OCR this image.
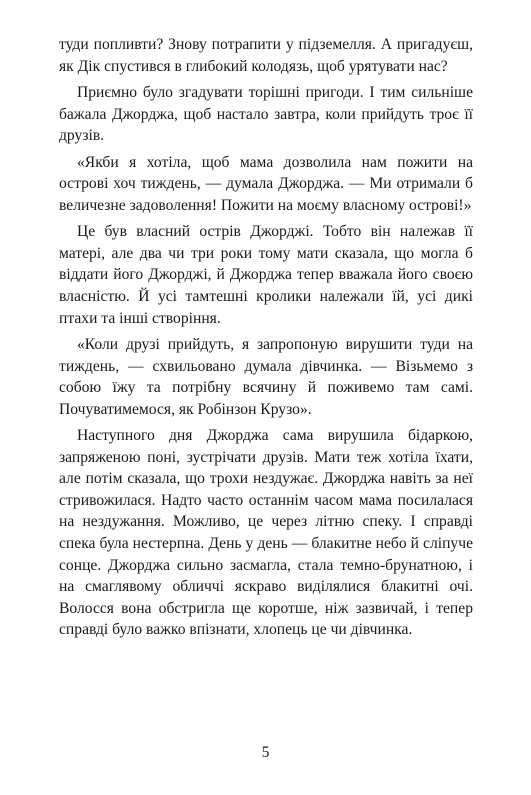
туди попливти? Знову потрапити у підземелля. А пригадуєш, як Дік спустився в глибокий колодязь, щоб урятувати нас?

Приємно було згадувати торішні пригоди. І тим сильніше бажала Джорджа, щоб настало завтра, коли прийдуть троє її друзів.

«Якби я хотіла, щоб мама дозволила нам пожити на острові хоч тиждень, — думала Джорджа. — Ми отримали б величезне задоволення! Пожити на моєму власному острові!»

Це був власний острів Джорджі. Тобто він належав її матері, але два чи три роки тому мати сказала, що могла б віддати його Джорджі, й Джорджа тепер вважала його своєю власністю. Й усі тамтешні кролики належали їй, усі дикі птахи та інші створіння.

«Коли друзі прийдуть, я запропоную вирушити туди на тиждень, — схвильовано думала дівчинка. — Візьмемо з собою їжу та потрібну всячину й поживемо там самі. Почуватимемося, як Робінзон Крузо».

Наступного дня Джорджа сама вирушила бідаркою, запряженою поні, зустрічати друзів. Мати теж хотіла їхати, але потім сказала, що трохи нездужає. Джорджа навіть за неї стривожилася. Надто часто останнім часом мама посилалася на нездужання. Можливо, це через літню спеку. І справді спека була нестерпна. День у день — блакитне небо й сліпуче сонце. Джорджа сильно засмагла, стала темно-брунатною, і на смаглявому обличчі яскраво виділялися блакитні очі. Волосся вона обстригла ще коротше, ніж зазвичай, і тепер справді було важко впізнати, хлопець це чи дівчинка.

5
